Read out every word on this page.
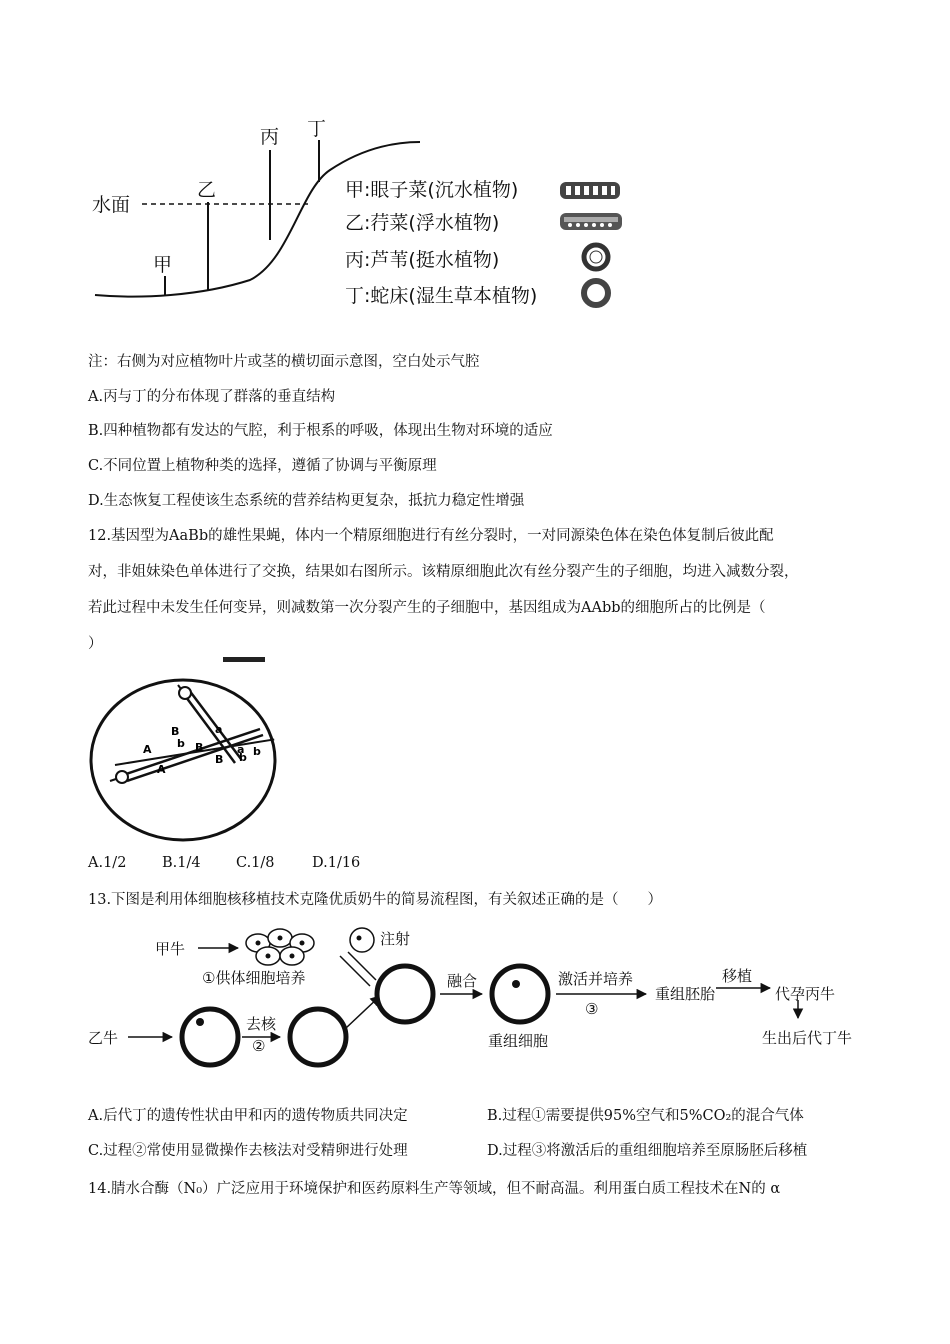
丙 丁
乙
水面
甲
甲:眼子菜(沉水植物)
乙:荇菜(浮水植物)
丙:芦苇(挺水植物)
丁:蛇床(湿生草本植物)
注：右侧为对应植物叶片或茎的横切面示意图，空白处示气腔
A.丙与丁的分布体现了群落的垂直结构
B.四种植物都有发达的气腔，利于根系的呼吸，体现出生物对环境的适应
C.不同位置上植物种类的选择，遵循了协调与平衡原理
D.生态恢复工程使该生态系统的营养结构更复杂，抵抗力稳定性增强
12.基因型为AaBb的雄性果蝇，体内一个精原细胞进行有丝分裂时，一对同源染色体在染色体复制后彼此配
对，非姐妹染色单体进行了交换，结果如右图所示。该精原细胞此次有丝分裂产生的子细胞，均进入减数分裂，
若此过程中未发生任何变异，则减数第一次分裂产生的子细胞中，基因组成为AAbb的细胞所占的比例是（
）
A
A
B
b B
a
a
b
B
b
A.1/2 B.1/4 C.1/8	D.1/16
13.下图是利用体细胞核移植技术克隆优质奶牛的简易流程图，有关叙述正确的是（　　）
甲牛
①供体细胞培养
注射
融合	激活并培养
③
重组胚胎
移植
代孕丙牛
生出后代丁牛
乙牛
去核
②	重组细胞
A.后代丁的遗传性状由甲和丙的遗传物质共同决定	B.过程①需要提供95%空气和5%CO₂的混合气体
C.过程②常使用显微操作去核法对受精卵进行处理	D.过程③将激活后的重组细胞培养至原肠胚后移植
14.腈水合酶（N₀）广泛应用于环境保护和医药原料生产等领域，但不耐高温。利用蛋白质工程技术在N的 α
